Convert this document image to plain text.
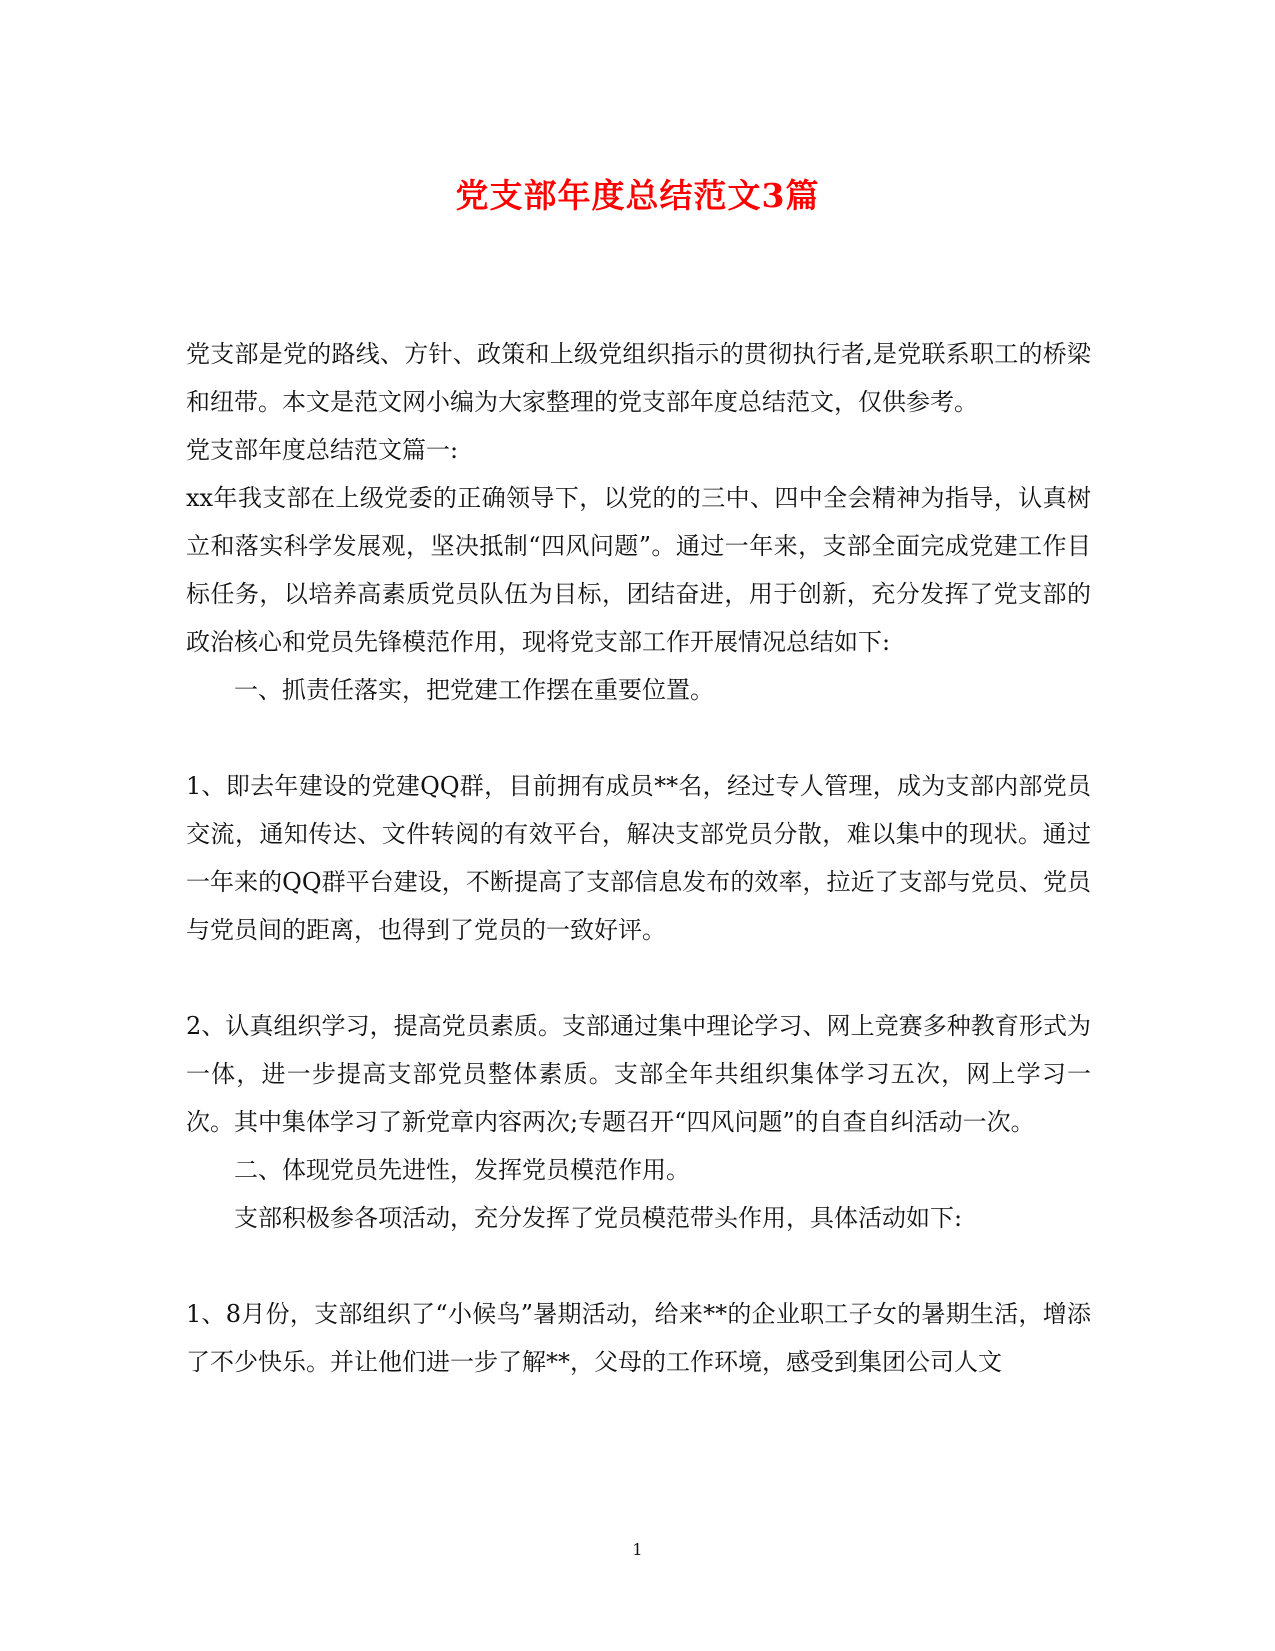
党支部年度总结范文3篇

党支部是党的路线、方针、政策和上级党组织指示的贯彻执行者,是党联系职工的桥梁和纽带。本文是范文网小编为大家整理的党支部年度总结范文，仅供参考。

党支部年度总结范文篇一:

xx年我支部在上级党委的正确领导下，以党的的三中、四中全会精神为指导，认真树立和落实科学发展观，坚决抵制“四风问题”。通过一年来，支部全面完成党建工作目标任务，以培养高素质党员队伍为目标，团结奋进，用于创新，充分发挥了党支部的政治核心和党员先锋模范作用，现将党支部工作开展情况总结如下:

一、抓责任落实，把党建工作摆在重要位置。

1、即去年建设的党建QQ群，目前拥有成员**名，经过专人管理，成为支部内部党员交流，通知传达、文件转阅的有效平台，解决支部党员分散，难以集中的现状。通过一年来的QQ群平台建设，不断提高了支部信息发布的效率，拉近了支部与党员、党员与党员间的距离，也得到了党员的一致好评。

2、认真组织学习，提高党员素质。支部通过集中理论学习、网上竞赛多种教育形式为一体，进一步提高支部党员整体素质。支部全年共组织集体学习五次，网上学习一次。其中集体学习了新党章内容两次;专题召开“四风问题”的自查自纠活动一次。

二、体现党员先进性，发挥党员模范作用。

支部积极参各项活动，充分发挥了党员模范带头作用，具体活动如下:

1、8月份，支部组织了“小候鸟”暑期活动，给来**的企业职工子女的暑期生活，增添了不少快乐。并让他们进一步了解**，父母的工作环境，感受到集团公司人文

1
